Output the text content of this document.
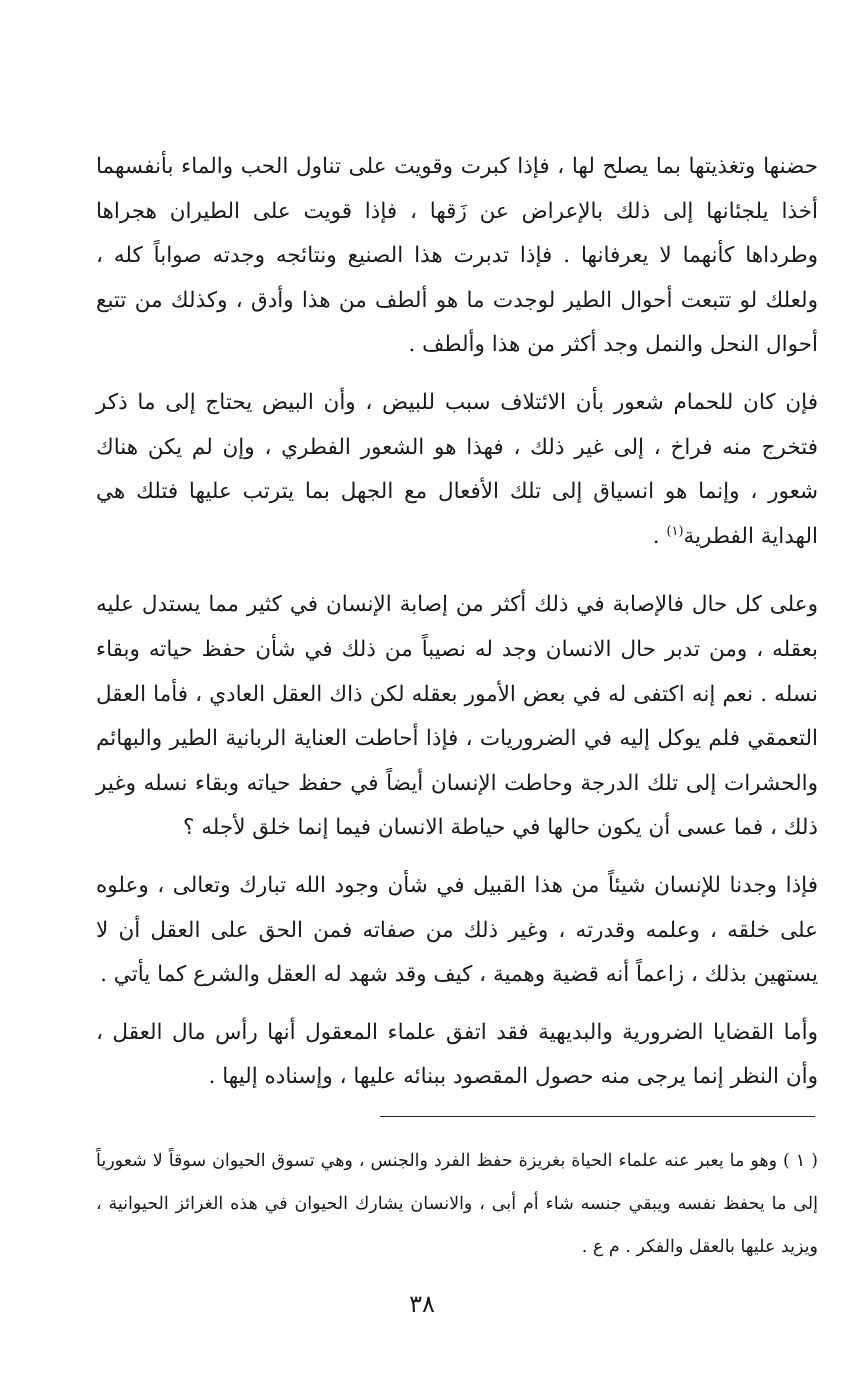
حضنها وتغذيتها بما يصلح لها ، فإذا كبرت وقويت على تناول الحب والماء بأنفسهما أخذا يلجئانها إلى ذلك بالإعراض عن زَقها ، فإذا قويت على الطيران هجراها وطرداها كأنهما لا يعرفانها . فإذا تدبرت هذا الصنيع ونتائجه وجدته صواباً كله ، ولعلك لو تتبعت أحوال الطير لوجدت ما هو ألطف من هذا وأدق ، وكذلك من تتبع أحوال النحل والنمل وجد أكثر من هذا وألطف .

فإن كان للحمام شعور بأن الائتلاف سبب للبيض ، وأن البيض يحتاج إلى ما ذكر فتخرج منه فراخ ، إلى غير ذلك ، فهذا هو الشعور الفطري ، وإن لم يكن هناك شعور ، وإنما هو انسياق إلى تلك الأفعال مع الجهل بما يترتب عليها فتلك هي الهداية الفطرية$^{(١)}$ .

وعلى كل حال فالإصابة في ذلك أكثر من إصابة الإنسان في كثير مما يستدل عليه بعقله ، ومن تدبر حال الانسان وجد له نصيباً من ذلك في شأن حفظ حياته وبقاء نسله . نعم إنه اكتفى له في بعض الأمور بعقله لكن ذاك العقل العادي ، فأما العقل التعمقي فلم يوكل إليه في الضروريات ، فإذا أحاطت العناية الربانية الطير والبهائم والحشرات إلى تلك الدرجة وحاطت الإنسان أيضاً في حفظ حياته وبقاء نسله وغير ذلك ، فما عسى أن يكون حالها في حياطة الانسان فيما إنما خلق لأجله ؟

فإذا وجدنا للإنسان شيئاً من هذا القبيل في شأن وجود الله تبارك وتعالى ، وعلوه على خلقه ، وعلمه وقدرته ، وغير ذلك من صفاته فمن الحق على العقل أن لا يستهين بذلك ، زاعماً أنه قضية وهمية ، كيف وقد شهد له العقل والشرع كما يأتي .

وأما القضايا الضرورية والبديهية فقد اتفق علماء المعقول أنها رأس مال العقل ، وأن النظر إنما يرجى منه حصول المقصود ببنائه عليها ، وإسناده إليها .

( ١ ) وهو ما يعبر عنه علماء الحياة بغريزة حفظ الفرد والجنس ، وهي تسوق الحيوان سوقاً لا شعورياً إلى ما يحفظ نفسه ويبقي جنسه شاء أم أبى ، والانسان يشارك الحيوان في هذه الغرائز الحيوانية ، ويزيد عليها بالعقل والفكر . م ع .

٣٨
